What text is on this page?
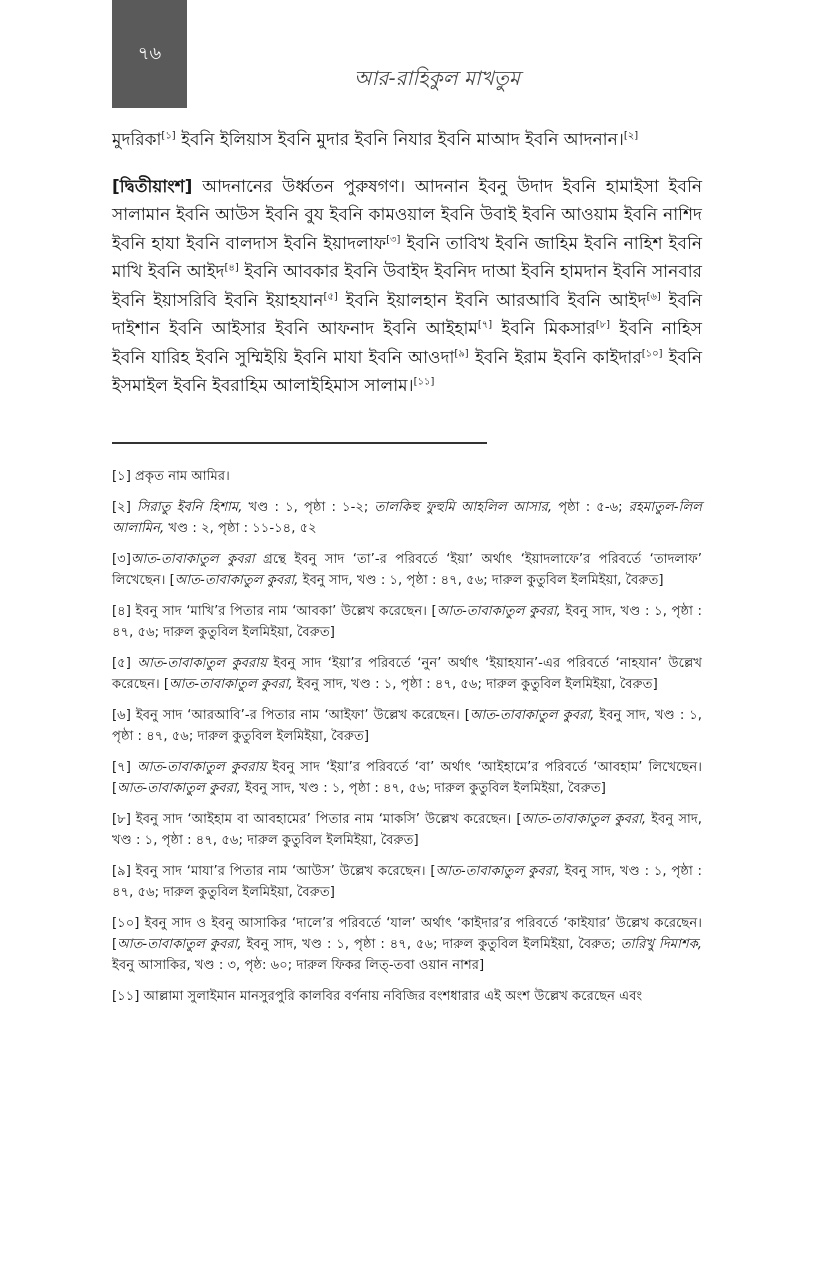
৭৬
আর-রাহিকুল মাখতুম

মুদরিকা[১] ইবনি ইলিয়াস ইবনি মুদার ইবনি নিযার ইবনি মাআদ ইবনি আদনান।[২]

[দ্বিতীয়াংশ] আদনানের উর্ধ্বতন পুরুষগণ। আদনান ইবনু উদাদ ইবনি হামাইসা ইবনি সালামান ইবনি আউস ইবনি বুয ইবনি কামওয়াল ইবনি উবাই ইবনি আওয়াম ইবনি নাশিদ ইবনি হাযা ইবনি বালদাস ইবনি ইয়াদলাফ[৩] ইবনি তাবিখ ইবনি জাহিম ইবনি নাহিশ ইবনি মাখি ইবনি আইদ[৪] ইবনি আবকার ইবনি উবাইদ ইবনিদ দাআ ইবনি হামদান ইবনি সানবার ইবনি ইয়াসরিবি ইবনি ইয়াহযান[৫] ইবনি ইয়ালহান ইবনি আরআবি ইবনি আইদ[৬] ইবনি দাইশান ইবনি আইসার ইবনি আফনাদ ইবনি আইহাম[৭] ইবনি মিকসার[৮] ইবনি নাহিস ইবনি যারিহ ইবনি সুম্মিইয়ি ইবনি মাযা ইবনি আওদা[৯] ইবনি ইরাম ইবনি কাইদার[১০] ইবনি ইসমাইল ইবনি ইবরাহিম আলাইহিমাস সালাম।[১১]

[১] প্রকৃত নাম আমির।

[২] সিরাতু ইবনি হিশাম, খণ্ড : ১, পৃষ্ঠা : ১-২; তালকিহু ফুহুমি আহলিল আসার, পৃষ্ঠা : ৫-৬; রহমাতুল-লিল আলামিন, খণ্ড : ২, পৃষ্ঠা : ১১-১৪, ৫২

[৩]আত-তাবাকাতুল কুবরা গ্রন্থে ইবনু সাদ ‘তা’-র পরিবর্তে ‘ইয়া’ অর্থাৎ ‘ইয়াদলাফে’র পরিবর্তে ‘তাদলাফ’ লিখেছেন। [আত-তাবাকাতুল কুবরা, ইবনু সাদ, খণ্ড : ১, পৃষ্ঠা : ৪৭, ৫৬; দারুল কুতুবিল ইলমিইয়া, বৈরুত]

[৪] ইবনু সাদ ‘মাখি’র পিতার নাম ‘আবকা’ উল্লেখ করেছেন। [আত-তাবাকাতুল কুবরা, ইবনু সাদ, খণ্ড : ১, পৃষ্ঠা : ৪৭, ৫৬; দারুল কুতুবিল ইলমিইয়া, বৈরুত]

[৫] আত-তাবাকাতুল কুবরায় ইবনু সাদ ‘ইয়া’র পরিবর্তে ‘নুন’ অর্থাৎ ‘ইয়াহযান’-এর পরিবর্তে ‘নাহযান’ উল্লেখ করেছেন। [আত-তাবাকাতুল কুবরা, ইবনু সাদ, খণ্ড : ১, পৃষ্ঠা : ৪৭, ৫৬; দারুল কুতুবিল ইলমিইয়া, বৈরুত]

[৬] ইবনু সাদ ‘আরআবি’-র পিতার নাম ‘আইফা’ উল্লেখ করেছেন। [আত-তাবাকাতুল কুবরা, ইবনু সাদ, খণ্ড : ১, পৃষ্ঠা : ৪৭, ৫৬; দারুল কুতুবিল ইলমিইয়া, বৈরুত]

[৭] আত-তাবাকাতুল কুবরায় ইবনু সাদ ‘ইয়া’র পরিবর্তে ‘বা’ অর্থাৎ ‘আইহামে’র পরিবর্তে ‘আবহাম’ লিখেছেন। [আত-তাবাকাতুল কুবরা, ইবনু সাদ, খণ্ড : ১, পৃষ্ঠা : ৪৭, ৫৬; দারুল কুতুবিল ইলমিইয়া, বৈরুত]

[৮] ইবনু সাদ ‘আইহাম বা আবহামের’ পিতার নাম ‘মাকসি’ উল্লেখ করেছেন। [আত-তাবাকাতুল কুবরা, ইবনু সাদ, খণ্ড : ১, পৃষ্ঠা : ৪৭, ৫৬; দারুল কুতুবিল ইলমিইয়া, বৈরুত]

[৯] ইবনু সাদ ‘মাযা’র পিতার নাম ‘আউস’ উল্লেখ করেছেন। [আত-তাবাকাতুল কুবরা, ইবনু সাদ, খণ্ড : ১, পৃষ্ঠা : ৪৭, ৫৬; দারুল কুতুবিল ইলমিইয়া, বৈরুত]

[১০] ইবনু সাদ ও ইবনু আসাকির ‘দালে’র পরিবর্তে ‘যাল’ অর্থাৎ ‘কাইদার’র পরিবর্তে ‘কাইযার’ উল্লেখ করেছেন। [আত-তাবাকাতুল কুবরা, ইবনু সাদ, খণ্ড : ১, পৃষ্ঠা : ৪৭, ৫৬; দারুল কুতুবিল ইলমিইয়া, বৈরুত; তারিখু দিমাশক, ইবনু আসাকির, খণ্ড : ৩, পৃষ্ঠ: ৬০; দারুল ফিকর লিত্-তবা ওয়ান নাশর]

[১১] আল্লামা সুলাইমান মানসুরপুরি কালবির বর্ণনায় নবিজির বংশধারার এই অংশ উল্লেখ করেছেন এবং
